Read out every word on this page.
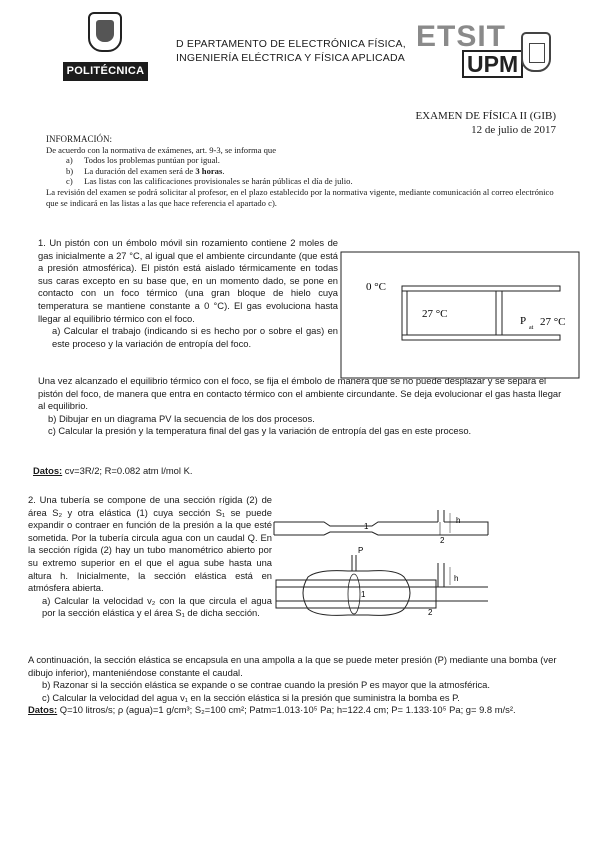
POLITÉCNICA
D EPARTAMENTO DE ELECTRÓNICA FÍSICA,
INGENIERÍA ELÉCTRICA Y FÍSICA APLICADA
ETSIT
UPM
EXAMEN DE FÍSICA II (GIB)
12 de julio de 2017
INFORMACIÓN:
De acuerdo con la normativa de exámenes, art. 9-3, se informa que
a) Todos los problemas puntúan por igual.
b) La duración del examen será de 3 horas.
c) Las listas con las calificaciones provisionales se harán públicas el día de julio.
La revisión del examen se podrá solicitar al profesor, en el plazo establecido por la normativa vigente, mediante comunicación al correo electrónico que se indicará en las listas a las que hace referencia el apartado c).
1. Un pistón con un émbolo móvil sin rozamiento contiene 2 moles de gas inicialmente a 27 °C, al igual que el ambiente circundante (que está a presión atmosférica). El pistón está aislado térmicamente en todas sus caras excepto en su base que, en un momento dado, se pone en contacto con un foco térmico (una gran bloque de hielo cuya temperatura se mantiene constante a 0 °C). El gas evoluciona hasta llegar al equilibrio térmico con el foco.
a) Calcular el trabajo (indicando si es hecho por o sobre el gas) en este proceso y la variación de entropía del foco.
Una vez alcanzado el equilibrio térmico con el foco, se fija el émbolo de manera que se no puede desplazar y se separa el pistón del foco, de manera que entra en contacto térmico con el ambiente circundante. Se deja evolucionar el gas hasta llegar al equilibrio.
b) Dibujar en un diagrama PV la secuencia de los dos procesos.
c) Calcular la presión y la temperatura final del gas y la variación de entropía del gas en este proceso.
Datos: cv=3R/2; R=0.082 atm l/mol K.
0 °C
27 °C
P
at 27 °C
2. Una tubería se compone de una sección rígida (2) de área S₂ y otra elástica (1) cuya sección S₁ se puede expandir o contraer en función de la presión a la que esté sometida. Por la tubería circula agua con un caudal Q. En la sección rígida (2) hay un tubo manométrico abierto por su extremo superior en el que el agua sube hasta una altura h. Inicialmente, la sección elástica está en atmósfera abierta.
a) Calcular la velocidad v₂ con la que circula el agua por la sección elástica y el área S₁ de dicha sección.
A continuación, la sección elástica se encapsula en una ampolla a la que se puede meter presión (P) mediante una bomba (ver dibujo inferior), manteniéndose constante el caudal.
b) Razonar si la sección elástica se expande o se contrae cuando la presión P es mayor que la atmosférica.
c) Calcular la velocidad del agua v₁ en la sección elástica si la presión que suministra la bomba es P.
Datos: Q=10 litros/s; ρ (agua)=1 g/cm³; S₂=100 cm²; Patm=1.013·10⁵ Pa; h=122.4 cm; P= 1.133·10⁵ Pa; g= 9.8 m/s².
1
2
h
P
1
2
h
